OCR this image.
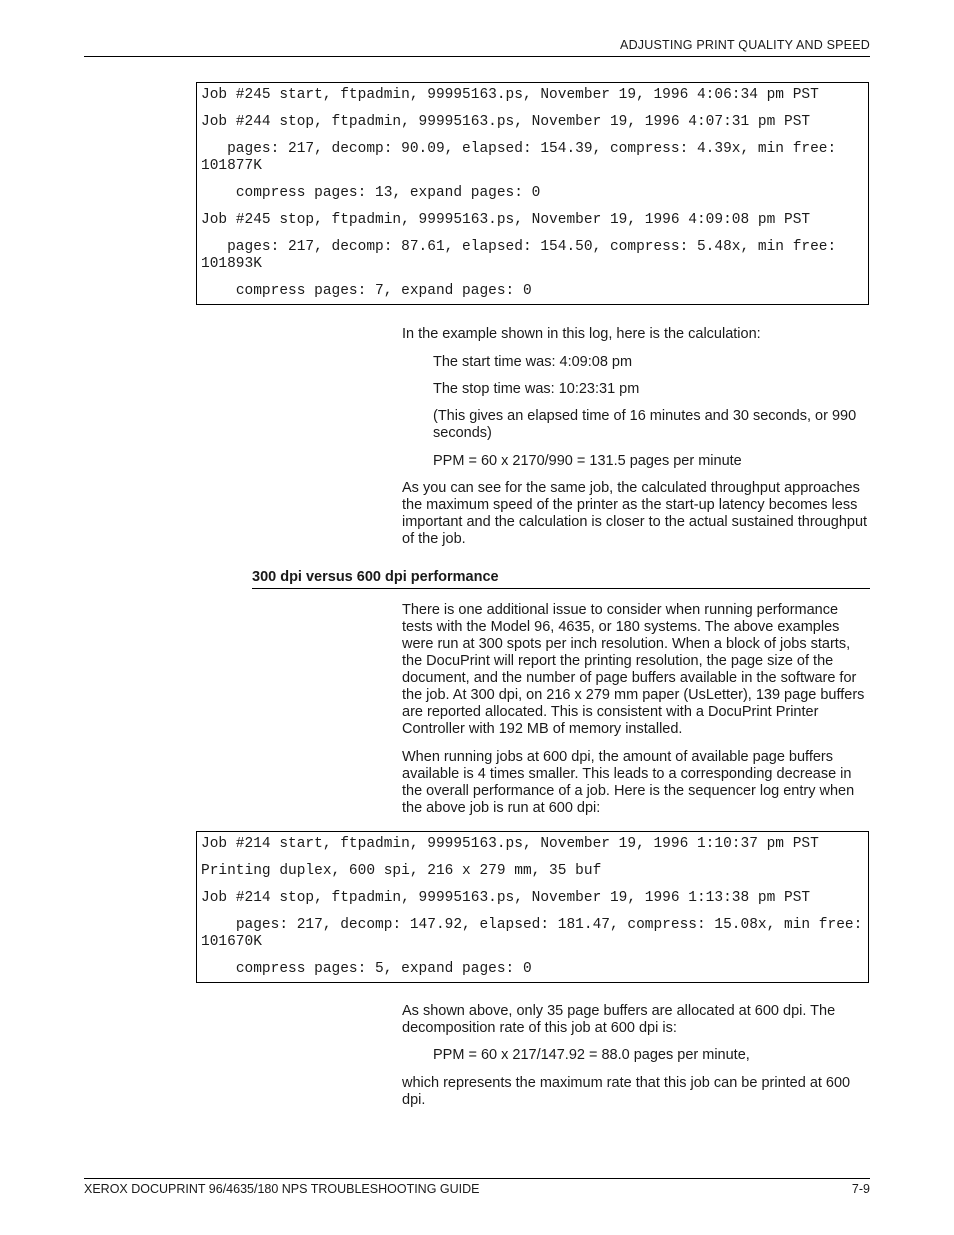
ADJUSTING PRINT QUALITY AND SPEED
Job #245 start, ftpadmin, 99995163.ps, November 19, 1996 4:06:34 pm PST
Job #244 stop, ftpadmin, 99995163.ps, November 19, 1996 4:07:31 pm PST
pages: 217, decomp: 90.09, elapsed: 154.39, compress: 4.39x, min free: 101877K
compress pages: 13, expand pages: 0
Job #245 stop, ftpadmin, 99995163.ps, November 19, 1996 4:09:08 pm PST
pages: 217, decomp: 87.61, elapsed: 154.50, compress: 5.48x, min free: 101893K
compress pages: 7, expand pages: 0

In the example shown in this log, here is the calculation:

The start time was: 4:09:08 pm

The stop time was: 10:23:31 pm

(This gives an elapsed time of 16 minutes and 30 seconds, or 990 seconds)

PPM = 60 x 2170/990 = 131.5 pages per minute

As you can see for the same job, the calculated throughput approaches the maximum speed of the printer as the start-up latency becomes less important and the calculation is closer to the actual sustained throughput of the job.

300 dpi versus 600 dpi performance

There is one additional issue to consider when running performance tests with the Model 96, 4635, or 180 systems. The above examples were run at 300 spots per inch resolution. When a block of jobs starts, the DocuPrint will report the printing resolution, the page size of the document, and the number of page buffers available in the software for the job. At 300 dpi, on 216 x 279 mm paper (UsLetter), 139 page buffers are reported allocated. This is consistent with a DocuPrint Printer Controller with 192 MB of memory installed.

When running jobs at 600 dpi, the amount of available page buffers available is 4 times smaller. This leads to a corresponding decrease in the overall performance of a job. Here is the sequencer log entry when the above job is run at 600 dpi:

Job #214 start, ftpadmin, 99995163.ps, November 19, 1996 1:10:37 pm PST
Printing duplex, 600 spi, 216 x 279 mm, 35 buf
Job #214 stop, ftpadmin, 99995163.ps, November 19, 1996 1:13:38 pm PST
pages: 217, decomp: 147.92, elapsed: 181.47, compress: 15.08x, min free: 101670K
compress pages: 5, expand pages: 0

As shown above, only 35 page buffers are allocated at 600 dpi. The decomposition rate of this job at 600 dpi is:

PPM = 60 x 217/147.92 = 88.0 pages per minute,

which represents the maximum rate that this job can be printed at 600 dpi.

XEROX DOCUPRINT 96/4635/180 NPS TROUBLESHOOTING GUIDE	7-9
